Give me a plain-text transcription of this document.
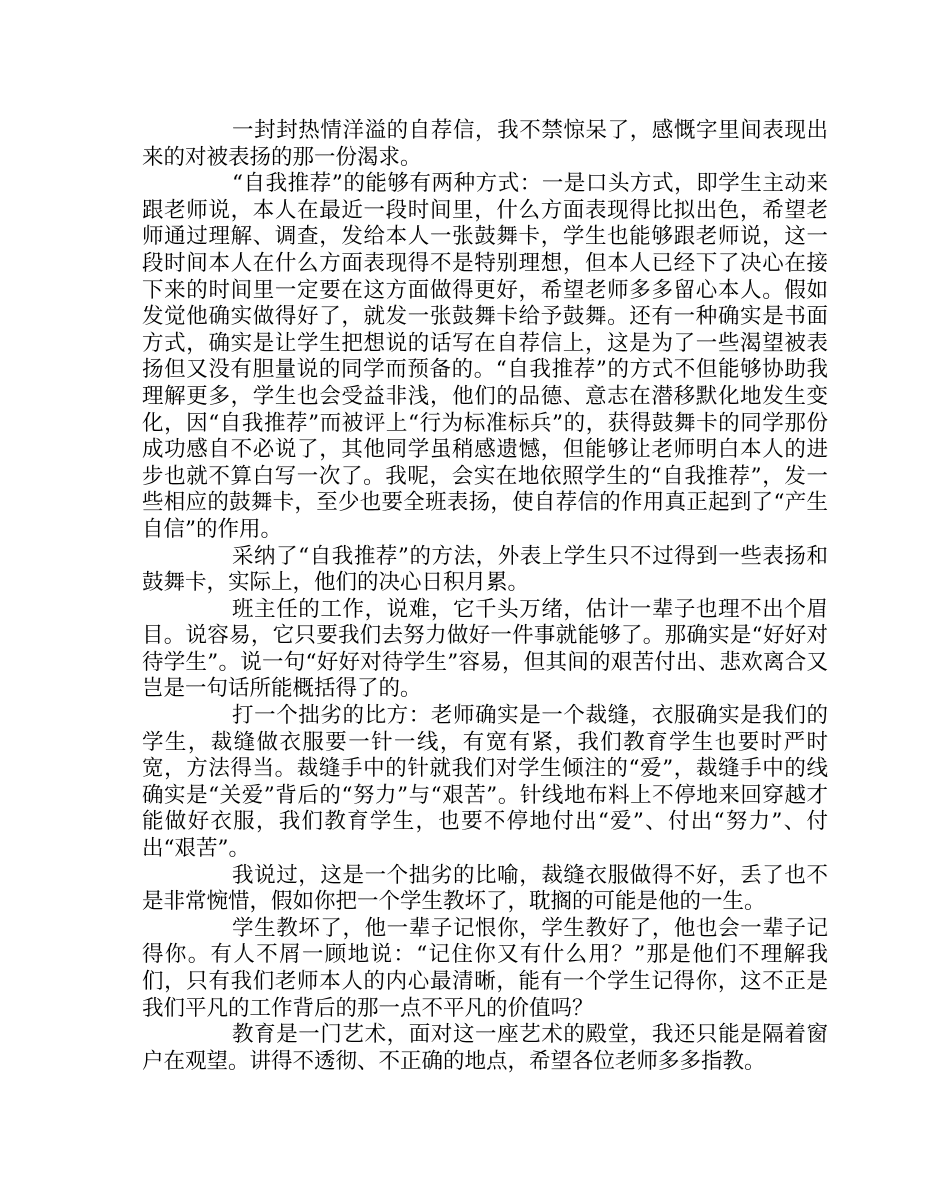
一封封热情洋溢的自荐信，我不禁惊呆了，感慨字里间表现出来的对被表扬的那一份渴求。

“自我推荐”的能够有两种方式：一是口头方式，即学生主动来跟老师说，本人在最近一段时间里，什么方面表现得比拟出色，希望老师通过理解、调查，发给本人一张鼓舞卡，学生也能够跟老师说，这一段时间本人在什么方面表现得不是特别理想，但本人已经下了决心在接下来的时间里一定要在这方面做得更好，希望老师多多留心本人。假如发觉他确实做得好了，就发一张鼓舞卡给予鼓舞。还有一种确实是书面方式，确实是让学生把想说的话写在自荐信上，这是为了一些渴望被表扬但又没有胆量说的同学而预备的。“自我推荐”的方式不但能够协助我理解更多，学生也会受益非浅，他们的品德、意志在潜移默化地发生变化，因“自我推荐”而被评上“行为标准标兵”的，获得鼓舞卡的同学那份成功感自不必说了，其他同学虽稍感遗憾，但能够让老师明白本人的进步也就不算白写一次了。我呢，会实在地依照学生的“自我推荐”，发一些相应的鼓舞卡，至少也要全班表扬，使自荐信的作用真正起到了“产生自信”的作用。

采纳了“自我推荐”的方法，外表上学生只不过得到一些表扬和鼓舞卡，实际上，他们的决心日积月累。

班主任的工作，说难，它千头万绪，估计一辈子也理不出个眉目。说容易，它只要我们去努力做好一件事就能够了。那确实是“好好对待学生”。说一句“好好对待学生”容易，但其间的艰苦付出、悲欢离合又岂是一句话所能概括得了的。

打一个拙劣的比方：老师确实是一个裁缝，衣服确实是我们的学生，裁缝做衣服要一针一线，有宽有紧，我们教育学生也要时严时宽，方法得当。裁缝手中的针就我们对学生倾注的“爱”，裁缝手中的线确实是“关爱”背后的“努力”与“艰苦”。针线地布料上不停地来回穿越才能做好衣服，我们教育学生，也要不停地付出“爱”、付出“努力”、付出“艰苦”。

我说过，这是一个拙劣的比喻，裁缝衣服做得不好，丢了也不是非常惋惜，假如你把一个学生教坏了，耽搁的可能是他的一生。

学生教坏了，他一辈子记恨你，学生教好了，他也会一辈子记得你。有人不屑一顾地说：“记住你又有什么用？”那是他们不理解我们，只有我们老师本人的内心最清晰，能有一个学生记得你，这不正是我们平凡的工作背后的那一点不平凡的价值吗？

教育是一门艺术，面对这一座艺术的殿堂，我还只能是隔着窗户在观望。讲得不透彻、不正确的地点，希望各位老师多多指教。
